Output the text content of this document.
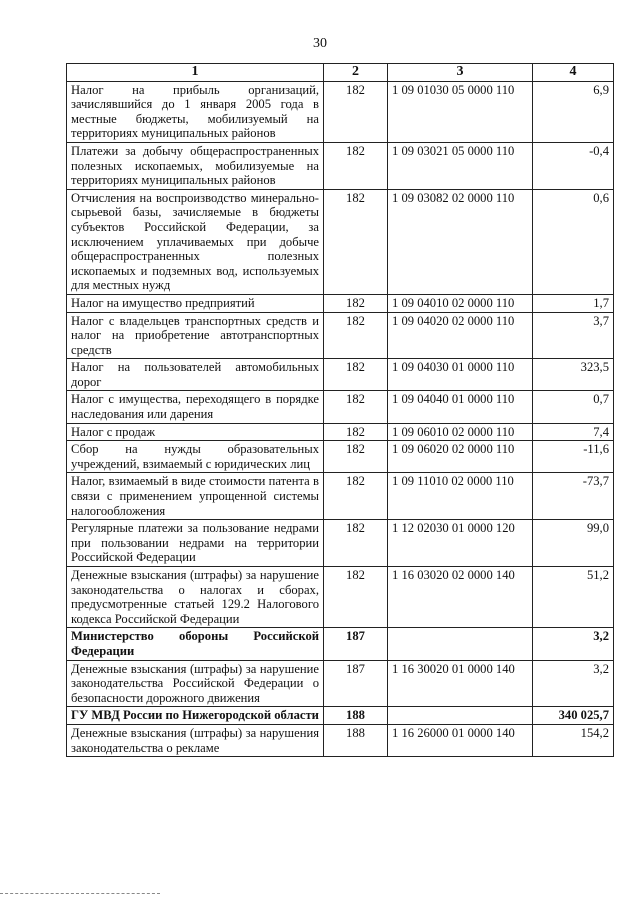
30
1	2	3	4
Налог на прибыль организаций, зачислявшийся до 1 января 2005 года в местные бюджеты, мобилизуемый на территориях муниципальных районов	182	1 09 01030 05 0000 110	6,9
Платежи за добычу общераспространенных полезных ископаемых, мобилизуемые на территориях муниципальных районов	182	1 09 03021 05 0000 110	-0,4
Отчисления на воспроизводство минерально-сырьевой базы, зачисляемые в бюджеты субъектов Российской Федерации, за исключением уплачиваемых при добыче общераспространенных полезных ископаемых и подземных вод, используемых для местных нужд	182	1 09 03082 02 0000 110	0,6
Налог на имущество предприятий	182	1 09 04010 02 0000 110	1,7
Налог с владельцев транспортных средств и налог на приобретение автотранспортных средств	182	1 09 04020 02 0000 110	3,7
Налог на пользователей автомобильных дорог	182	1 09 04030 01 0000 110	323,5
Налог с имущества, переходящего в порядке наследования или дарения	182	1 09 04040 01 0000 110	0,7
Налог с продаж	182	1 09 06010 02 0000 110	7,4
Сбор на нужды образовательных учреждений, взимаемый с юридических лиц	182	1 09 06020 02 0000 110	-11,6
Налог, взимаемый в виде стоимости патента в связи с применением упрощенной системы налогообложения	182	1 09 11010 02 0000 110	-73,7
Регулярные платежи за пользование недрами при пользовании недрами на территории Российской Федерации	182	1 12 02030 01 0000 120	99,0
Денежные взыскания (штрафы) за нарушение законодательства о налогах и сборах, предусмотренные статьей 129.2 Налогового кодекса Российской Федерации	182	1 16 03020 02 0000 140	51,2
Министерство обороны Российской Федерации	187		3,2
Денежные взыскания (штрафы) за нарушение законодательства Российской Федерации о безопасности дорожного движения	187	1 16 30020 01 0000 140	3,2
ГУ МВД России по Нижегородской области	188		340 025,7
Денежные взыскания (штрафы) за нарушения законодательства о рекламе	188	1 16 26000 01 0000 140	154,2
